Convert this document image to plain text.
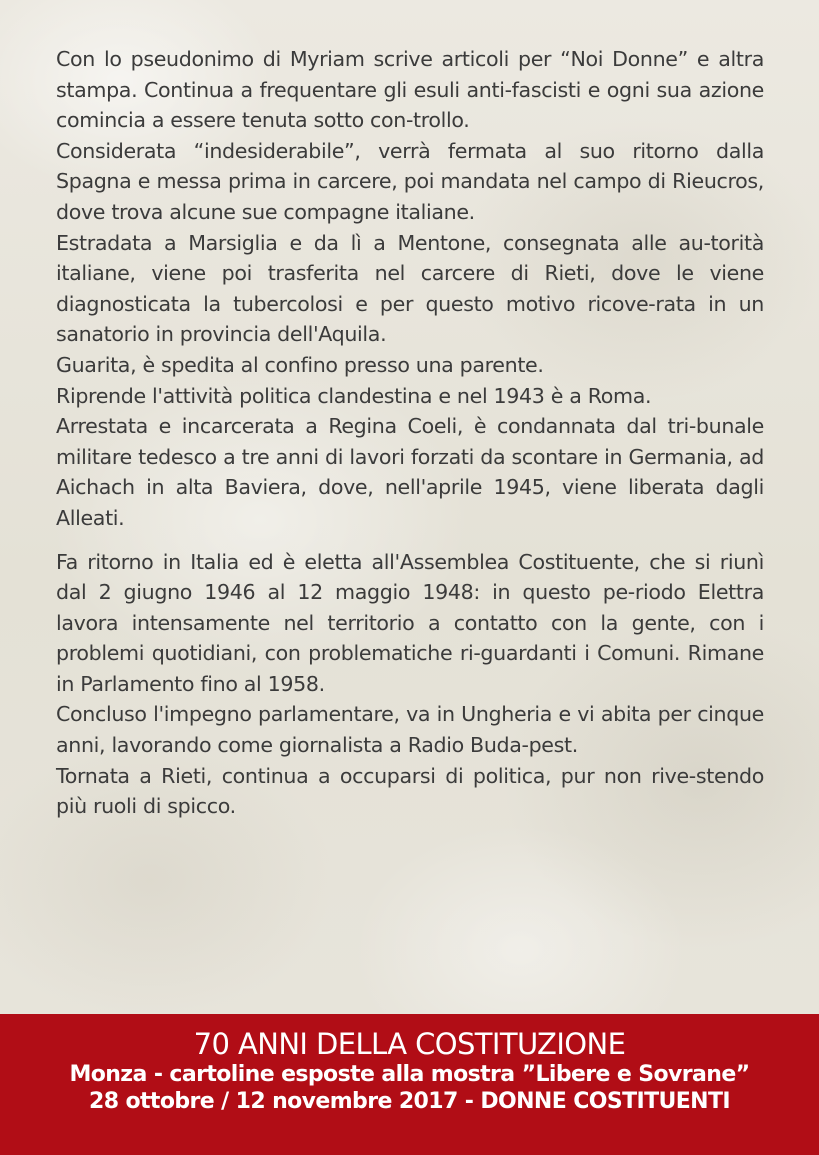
Con lo pseudonimo di Myriam scrive articoli per “Noi Donne” e altra stampa. Continua a frequentare gli esuli anti-fascisti e ogni sua azione comincia a essere tenuta sotto con-trollo.

Considerata “indesiderabile”, verrà fermata al suo ritorno dalla Spagna e messa prima in carcere, poi mandata nel campo di Rieucros, dove trova alcune sue compagne italiane.

Estradata a Marsiglia e da lì a Mentone, consegnata alle au-torità italiane, viene poi trasferita nel carcere di Rieti, dove le viene diagnosticata la tubercolosi e per questo motivo ricove-rata in un sanatorio in provincia dell'Aquila.

Guarita, è spedita al confino presso una parente.

Riprende l'attività politica clandestina e nel 1943 è a Roma.

Arrestata e incarcerata a Regina Coeli, è condannata dal tri-bunale militare tedesco a tre anni di lavori forzati da scontare in Germania, ad Aichach in alta Baviera, dove, nell'aprile 1945, viene liberata dagli Alleati.

Fa ritorno in Italia ed è eletta all'Assemblea Costituente, che si riunì dal 2 giugno 1946 al 12 maggio 1948: in questo pe-riodo Elettra lavora intensamente nel territorio a contatto con la gente, con i problemi quotidiani, con problematiche ri-guardanti i Comuni. Rimane in Parlamento fino al 1958.

Concluso l'impegno parlamentare, va in Ungheria e vi abita per cinque anni, lavorando come giornalista a Radio Buda-pest.

Tornata a Rieti, continua a occuparsi di politica, pur non rive-stendo più ruoli di spicco.

70 ANNI DELLA COSTITUZIONE
Monza - cartoline esposte alla mostra ”Libere e Sovrane”
28 ottobre / 12 novembre 2017 - DONNE COSTITUENTI
